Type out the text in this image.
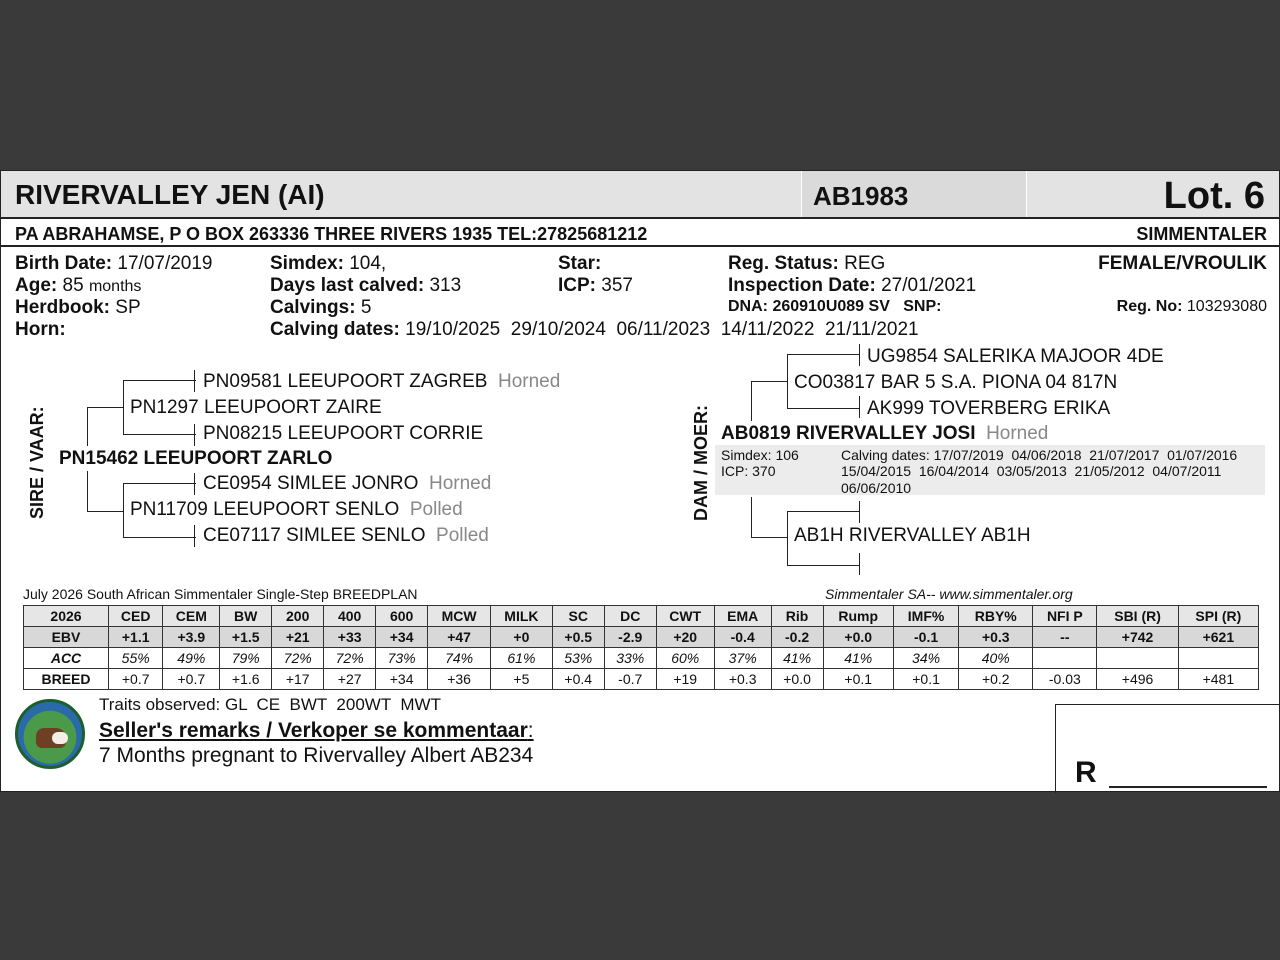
RIVERVALLEY JEN (AI)	AB1983	Lot. 6
PA ABRAHAMSE, P O BOX 263336 THREE RIVERS 1935 TEL:27825681212	SIMMENTALER
Birth Date: 17/07/2019
Age: 85 months
Herdbook: SP
Horn:
Simdex: 104,
Days last calved: 313
Calvings: 5
Calving dates: 19/10/2025  29/10/2024  06/11/2023  14/11/2022  21/11/2021
Star:
ICP: 357
Reg. Status: REG
Inspection Date: 27/01/2021
DNA: 260910U089 SV SNP:
FEMALE/VROULIK
Reg. No: 103293080
SIRE / VAAR:
PN09581 LEEUPOORT ZAGREB Horned
PN1297 LEEUPOORT ZAIRE
PN08215 LEEUPOORT CORRIE
PN15462 LEEUPOORT ZARLO
CE0954 SIMLEE JONRO Horned
PN11709 LEEUPOORT SENLO Polled
CE07117 SIMLEE SENLO Polled
DAM / MOER:
UG9854 SALERIKA MAJOOR 4DE
CO03817 BAR 5 S.A. PIONA 04 817N
AK999 TOVERBERG ERIKA
AB0819 RIVERVALLEY JOSI Horned
Simdex: 106
ICP: 370
Calving dates: 17/07/2019  04/06/2018  21/07/2017  01/07/2016
15/04/2015  16/04/2014  03/05/2013  21/05/2012  04/07/2011
06/06/2010
AB1H RIVERVALLEY AB1H
July 2026 South African Simmentaler Single-Step BREEDPLAN	Simmentaler SA-- www.simmentaler.org
2026	CED	CEM	BW	200	400	600	MCW	MILK	SC	DC	CWT	EMA	Rib	Rump	IMF%	RBY%	NFI P	SBI (R)	SPI (R)
EBV	+1.1	+3.9	+1.5	+21	+33	+34	+47	+0	+0.5	-2.9	+20	-0.4	-0.2	+0.0	-0.1	+0.3	--	+742	+621
ACC	55%	49%	79%	72%	72%	73%	74%	61%	53%	33%	60%	37%	41%	41%	34%	40%			
BREED	+0.7	+0.7	+1.6	+17	+27	+34	+36	+5	+0.4	-0.7	+19	+0.3	+0.0	+0.1	+0.1	+0.2	-0.03	+496	+481
Traits observed: GL  CE  BWT  200WT  MWT
Seller's remarks / Verkoper se kommentaar:
7 Months pregnant to Rivervalley Albert AB234
R
